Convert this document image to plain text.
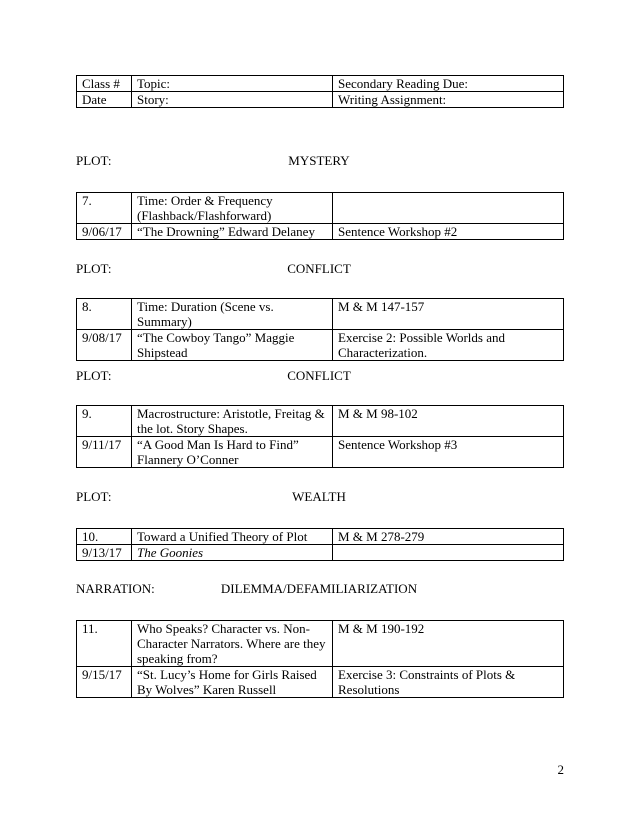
Class #	Topic:	Secondary Reading Due:
Date	Story:	Writing Assignment:
PLOT:	MYSTERY
7.	Time: Order & Frequency (Flashback/Flashforward)	
9/06/17	“The Drowning” Edward Delaney	Sentence Workshop #2
PLOT:	CONFLICT
8.	Time: Duration (Scene vs. Summary)	M & M 147-157
9/08/17	“The Cowboy Tango” Maggie Shipstead	Exercise 2: Possible Worlds and Characterization.
PLOT:	CONFLICT
9.	Macrostructure: Aristotle, Freitag & the lot. Story Shapes.	M & M 98-102
9/11/17	“A Good Man Is Hard to Find” Flannery O’Conner	Sentence Workshop #3
PLOT:	WEALTH
10.	Toward a Unified Theory of Plot	M & M 278-279
9/13/17	The Goonies	
NARRATION:	DILEMMA/DEFAMILIARIZATION
11.	Who Speaks? Character vs. Non-Character Narrators. Where are they speaking from?	M & M 190-192
9/15/17	“St. Lucy’s Home for Girls Raised By Wolves” Karen Russell	Exercise 3: Constraints of Plots & Resolutions
2
